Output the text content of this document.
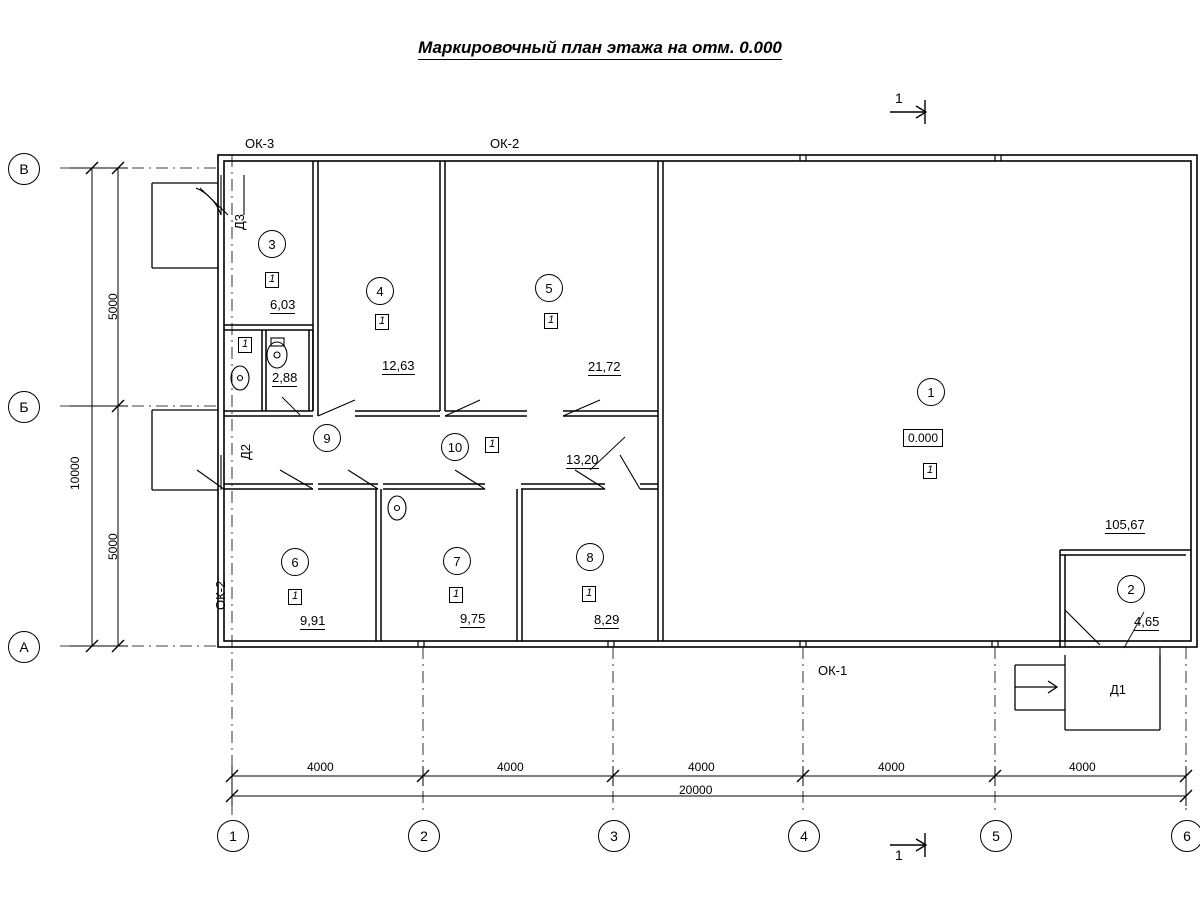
Маркировочный план этажа на отм. 0.000
В
Б
А
1	2	3	4	5	6
1
1
5000
10000
5000
4000	4000	4000	4000	4000
20000
ОК-3	ОК-2
ОК-2
ОК-1
Д3
Д2
Д1
1
0.000
1
105,67
2
4,65
3
1
6,03
4
1
12,63
5
1
21,72
6
1
9,91
7
1
9,75
8
1
8,29
9
1
2,88
10	1
13,20
